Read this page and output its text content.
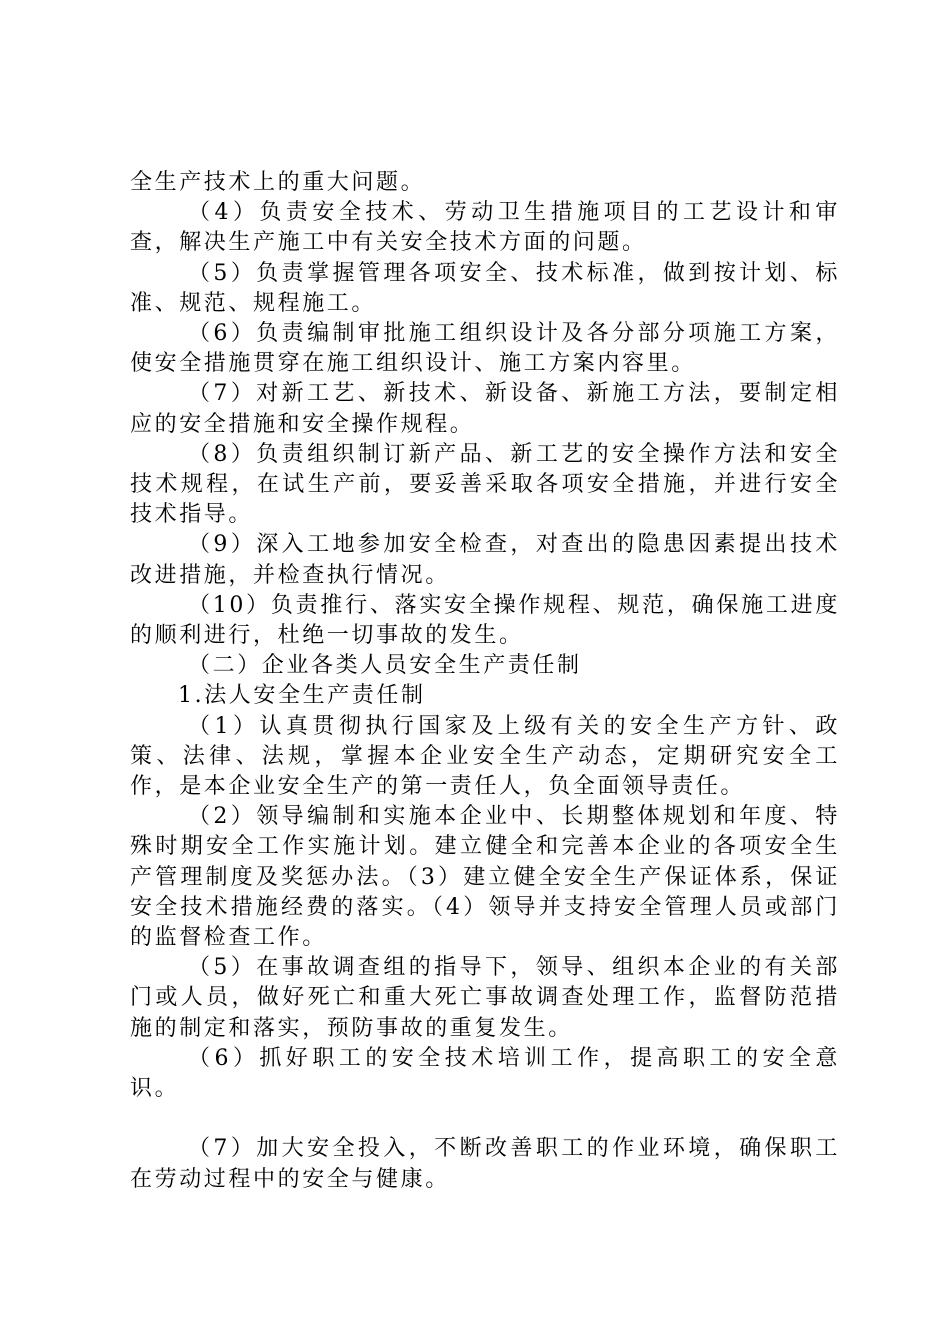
全生产技术上的重大问题。

（4）负责安全技术、劳动卫生措施项目的工艺设计和审查，解决生产施工中有关安全技术方面的问题。

（5）负责掌握管理各项安全、技术标准，做到按计划、标准、规范、规程施工。

（6）负责编制审批施工组织设计及各分部分项施工方案，使安全措施贯穿在施工组织设计、施工方案内容里。

（7）对新工艺、新技术、新设备、新施工方法，要制定相应的安全措施和安全操作规程。

（8）负责组织制订新产品、新工艺的安全操作方法和安全技术规程，在试生产前，要妥善采取各项安全措施，并进行安全技术指导。

（9）深入工地参加安全检查，对查出的隐患因素提出技术改进措施，并检查执行情况。

（10）负责推行、落实安全操作规程、规范，确保施工进度的顺利进行，杜绝一切事故的发生。

（二）企业各类人员安全生产责任制

1.法人安全生产责任制

（1）认真贯彻执行国家及上级有关的安全生产方针、政策、法律、法规，掌握本企业安全生产动态，定期研究安全工作，是本企业安全生产的第一责任人，负全面领导责任。

（2）领导编制和实施本企业中、长期整体规划和年度、特殊时期安全工作实施计划。建立健全和完善本企业的各项安全生产管理制度及奖惩办法。（3）建立健全安全生产保证体系，保证安全技术措施经费的落实。（4）领导并支持安全管理人员或部门的监督检查工作。

（5）在事故调查组的指导下，领导、组织本企业的有关部门或人员，做好死亡和重大死亡事故调查处理工作，监督防范措施的制定和落实，预防事故的重复发生。

（6）抓好职工的安全技术培训工作，提高职工的安全意识。

（7）加大安全投入，不断改善职工的作业环境，确保职工在劳动过程中的安全与健康。
